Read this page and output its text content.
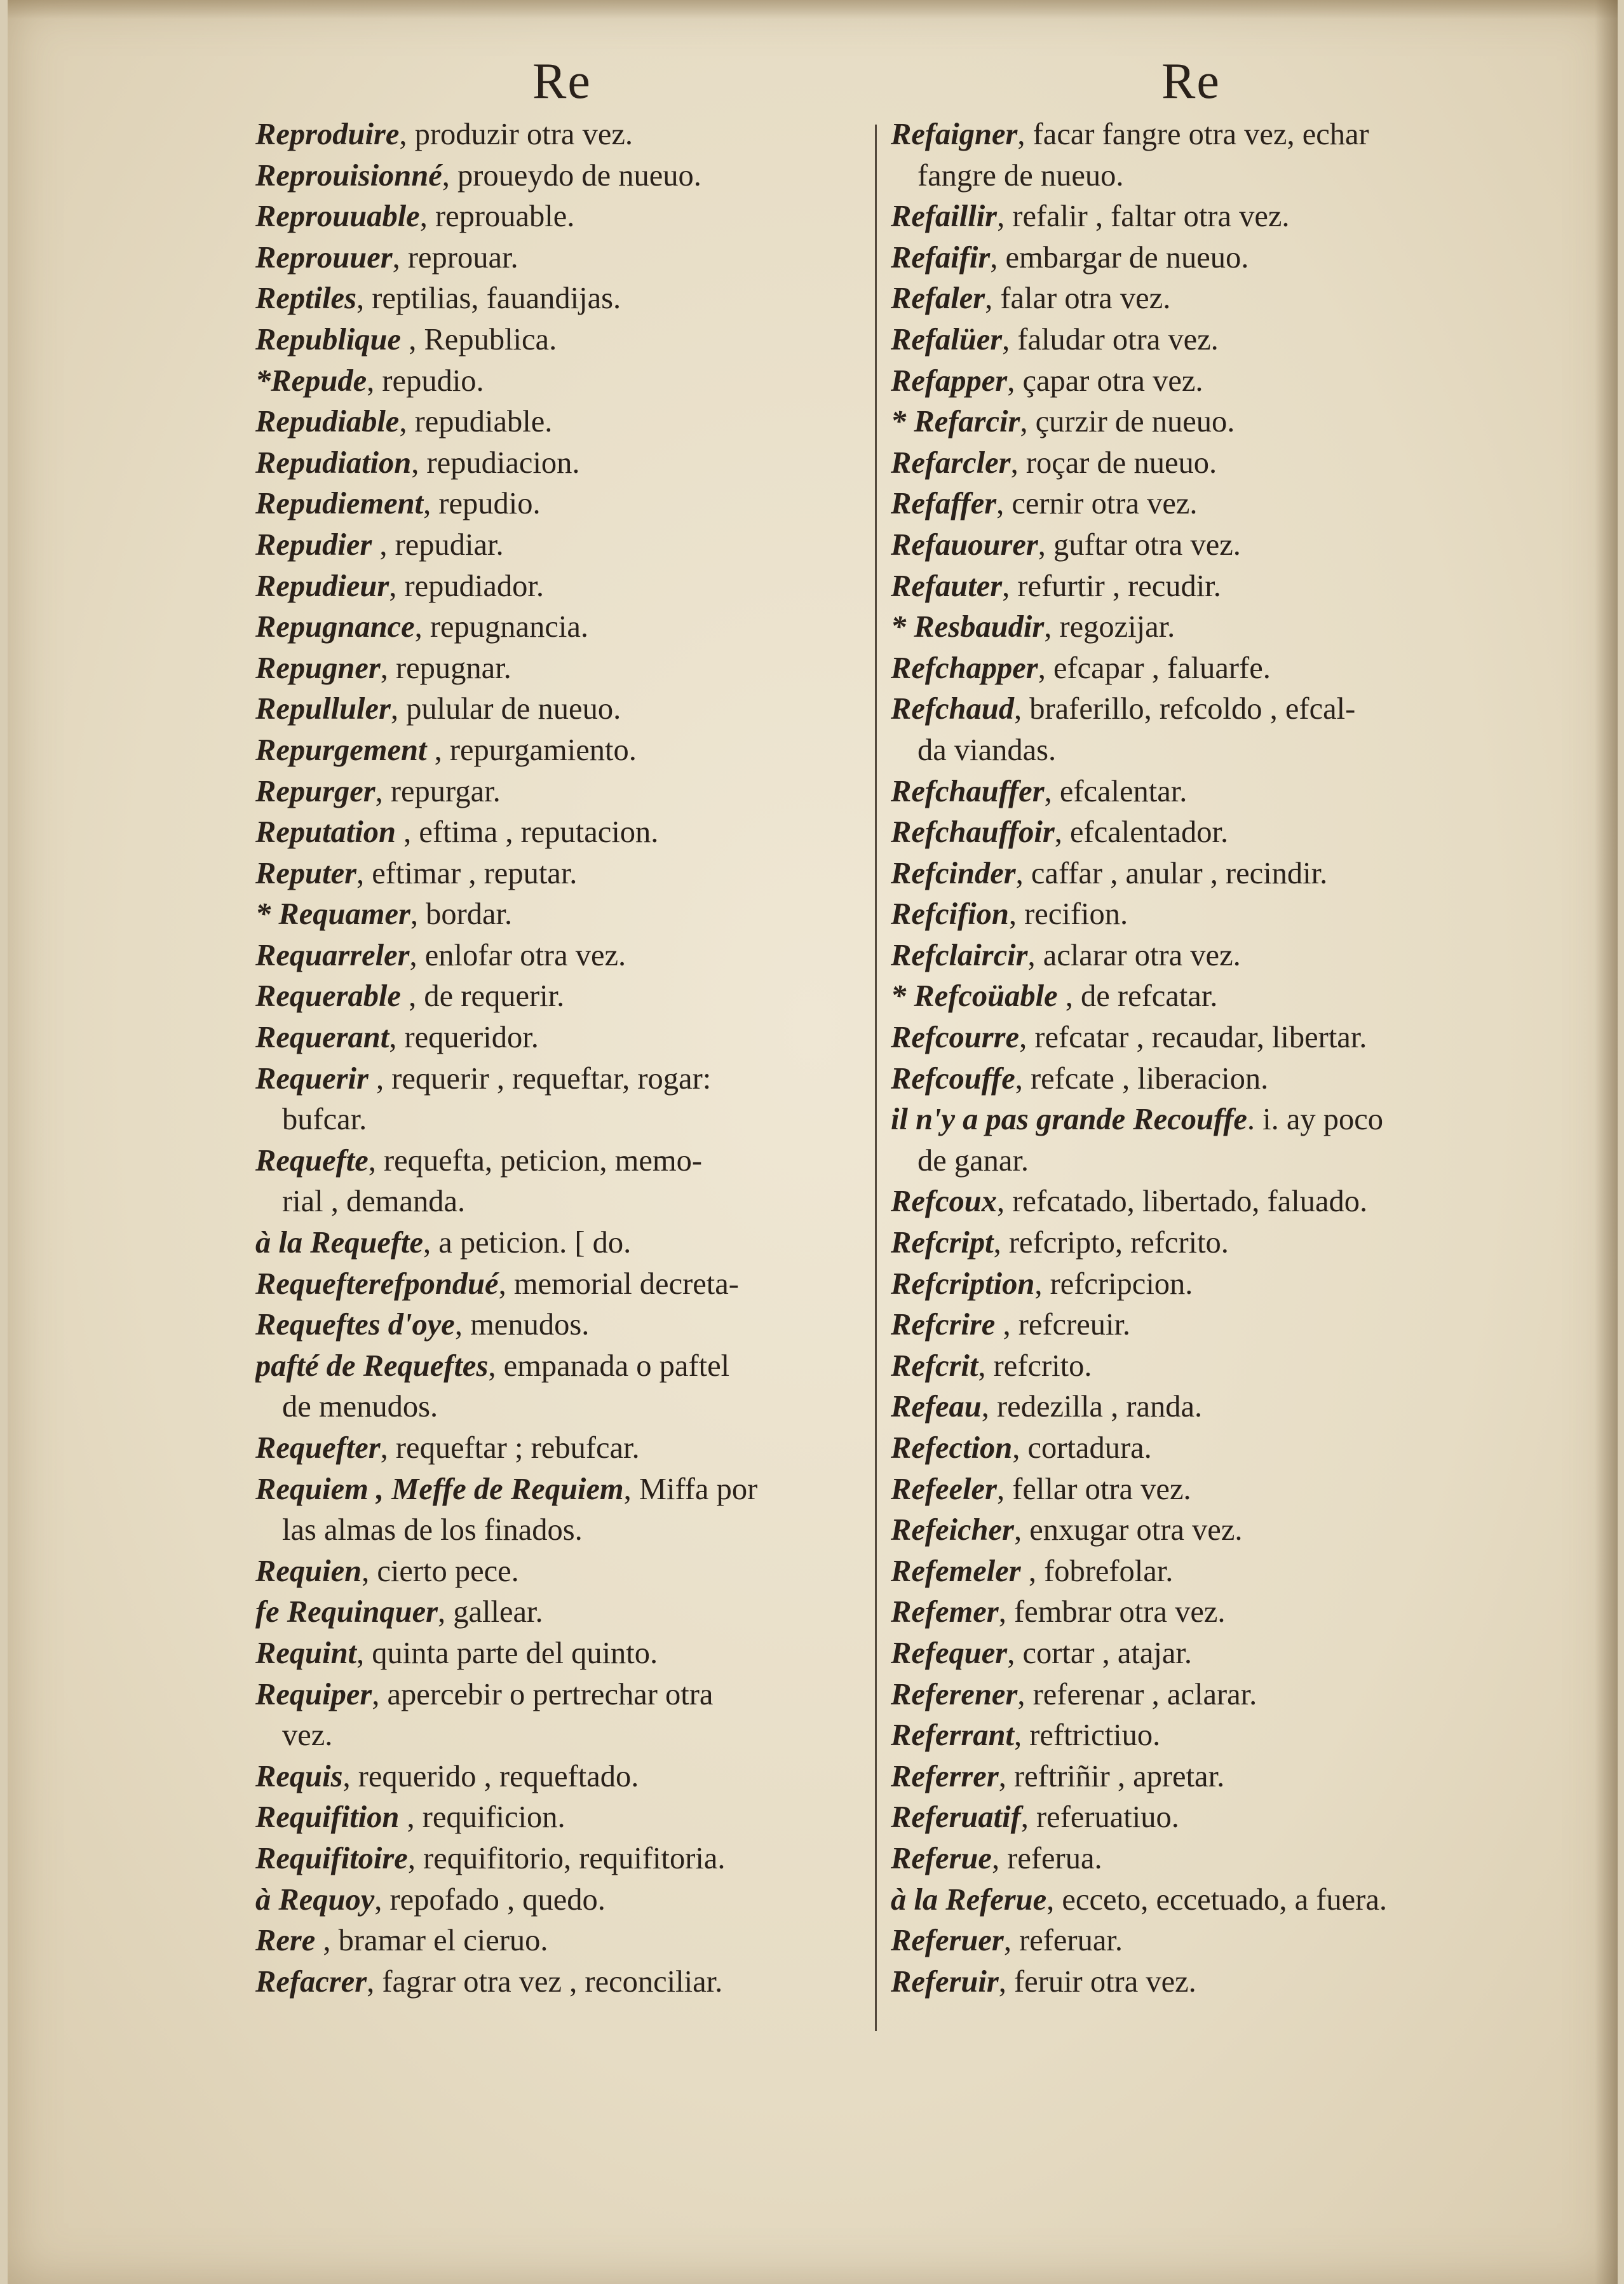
Re	Re
Reproduire, produzir otra vez.
Reprouisionné, proueydo de nueuo.
Reprouuable, reprouable.
Reprouuer, reprouar.
Reptiles, reptilias, fauandijas.
Republique , Republica.
*Repude, repudio.
Repudiable, repudiable.
Repudiation, repudiacion.
Repudiement, repudio.
Repudier , repudiar.
Repudieur, repudiador.
Repugnance, repugnancia.
Repugner, repugnar.
Repulluler, pulular de nueuo.
Repurgement , repurgamiento.
Repurger, repurgar.
Reputation , eftima , reputacion.
Reputer, eftimar , reputar.
* Requamer, bordar.
Requarreler, enlofar otra vez.
Requerable , de requerir.
Requerant, requeridor.
Requerir , requerir , requeftar, rogar:
bufcar.
Requefte, requefta, peticion, memo-
rial , demanda.
à la Requefte, a peticion. [ do.
Requefterefpondué, memorial decreta-
Requeftes d'oye, menudos.
pafté de Requeftes, empanada o paftel
de menudos.
Requefter, requeftar ; rebufcar.
Requiem , Meffe de Requiem, Miffa por
las almas de los finados.
Requien, cierto pece.
fe Requinquer, gallear.
Requint, quinta parte del quinto.
Requiper, apercebir o pertrechar otra
vez.
Requis, requerido , requeftado.
Requifition , requificion.
Requifitoire, requifitorio, requifitoria.
à Requoy, repofado , quedo.
Rere , bramar el cieruo.
Refacrer, fagrar otra vez , reconciliar.
Refaigner, facar fangre otra vez, echar
fangre de nueuo.
Refaillir, refalir , faltar otra vez.
Refaifir, embargar de nueuo.
Refaler, falar otra vez.
Refalüer, faludar otra vez.
Refapper, çapar otra vez.
* Refarcir, çurzir de nueuo.
Refarcler, roçar de nueuo.
Refaffer, cernir otra vez.
Refauourer, guftar otra vez.
Refauter, refurtir , recudir.
* Resbaudir, regozijar.
Refchapper, efcapar , faluarfe.
Refchaud, braferillo, refcoldo , efcal-
da viandas.
Refchauffer, efcalentar.
Refchauffoir, efcalentador.
Refcinder, caffar , anular , recindir.
Refcifion, recifion.
Refclaircir, aclarar otra vez.
* Refcoüable , de refcatar.
Refcourre, refcatar , recaudar, libertar.
Refcouffe, refcate , liberacion.
il n'y a pas grande Recouffe. i. ay poco
de ganar.
Refcoux, refcatado, libertado, faluado.
Refcript, refcripto, refcrito.
Refcription, refcripcion.
Refcrire , refcreuir.
Refcrit, refcrito.
Refeau, redezilla , randa.
Refection, cortadura.
Refeeler, fellar otra vez.
Refeicher, enxugar otra vez.
Refemeler , fobrefolar.
Refemer, fembrar otra vez.
Refequer, cortar , atajar.
Referener, referenar , aclarar.
Referrant, reftrictiuo.
Referrer, reftriñir , apretar.
Referuatif, referuatiuo.
Referue, referua.
à la Referue, ecceto, eccetuado, a fuera.
Referuer, referuar.
Referuir, feruir otra vez.
